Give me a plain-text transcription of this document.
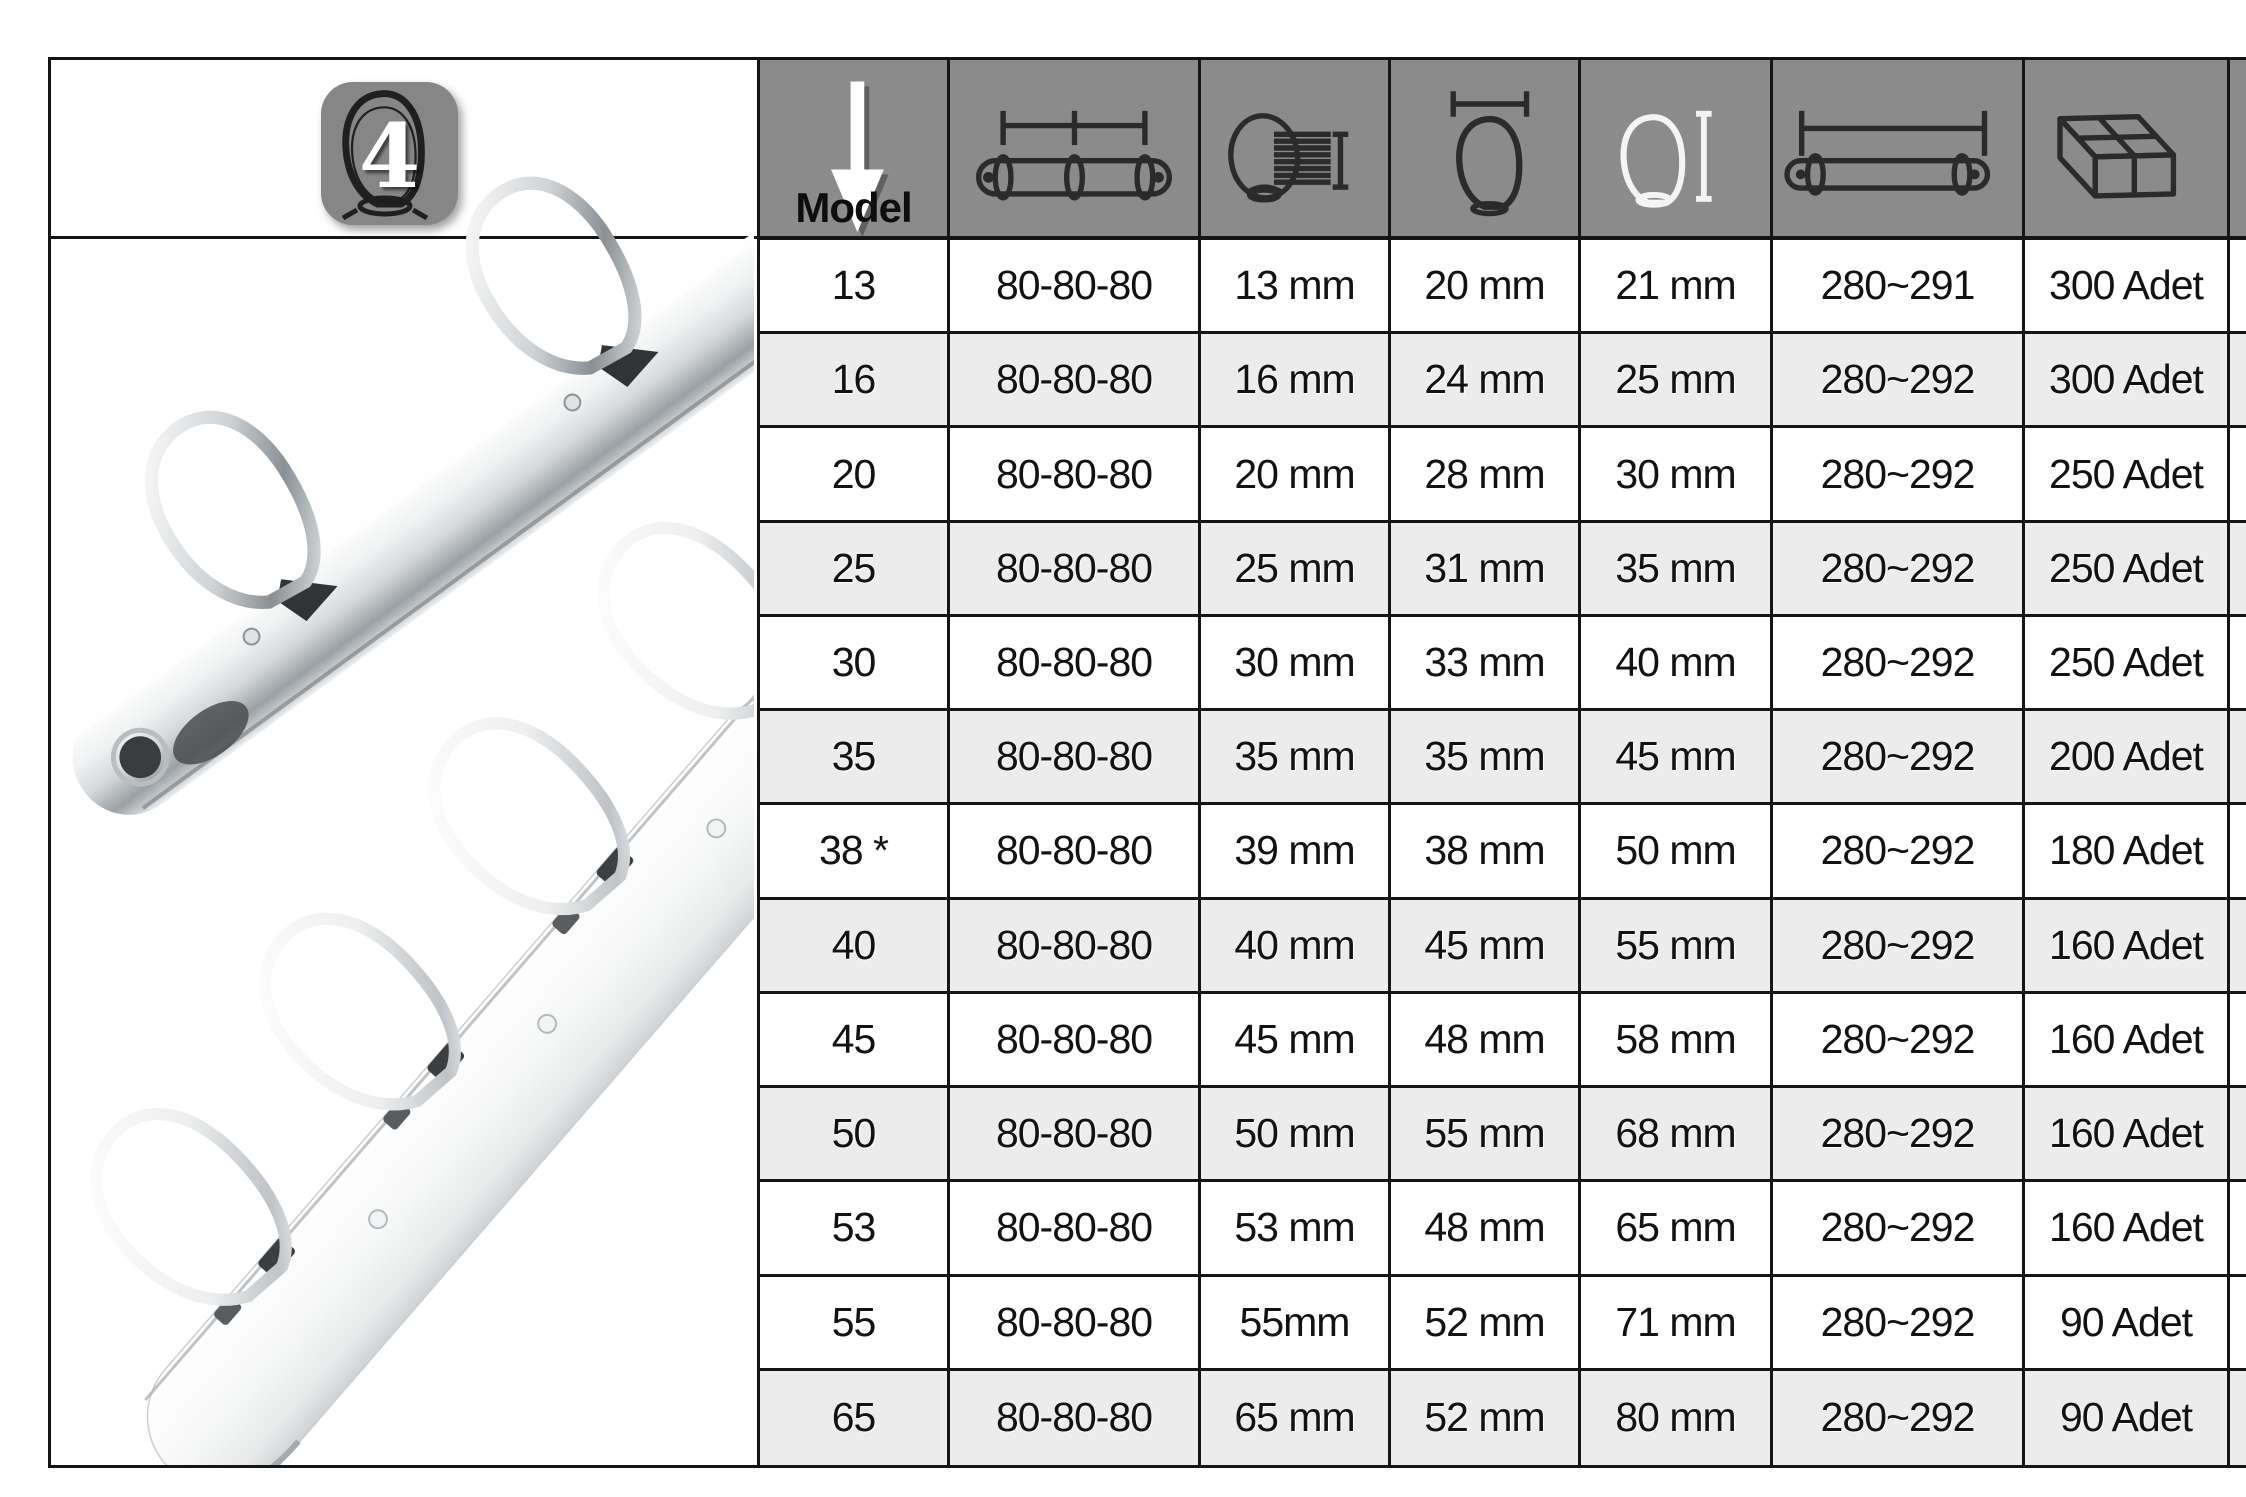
4	Model
13	80-80-80	13 mm	20 mm	21 mm	280~291	300 Adet
16	80-80-80	16 mm	24 mm	25 mm	280~292	300 Adet
20	80-80-80	20 mm	28 mm	30 mm	280~292	250 Adet
25	80-80-80	25 mm	31 mm	35 mm	280~292	250 Adet
30	80-80-80	30 mm	33 mm	40 mm	280~292	250 Adet
35	80-80-80	35 mm	35 mm	45 mm	280~292	200 Adet
38 *	80-80-80	39 mm	38 mm	50 mm	280~292	180 Adet
40	80-80-80	40 mm	45 mm	55 mm	280~292	160 Adet
45	80-80-80	45 mm	48 mm	58 mm	280~292	160 Adet
50	80-80-80	50 mm	55 mm	68 mm	280~292	160 Adet
53	80-80-80	53 mm	48 mm	65 mm	280~292	160 Adet
55	80-80-80	55mm	52 mm	71 mm	280~292	90 Adet
65	80-80-80	65 mm	52 mm	80 mm	280~292	90 Adet
